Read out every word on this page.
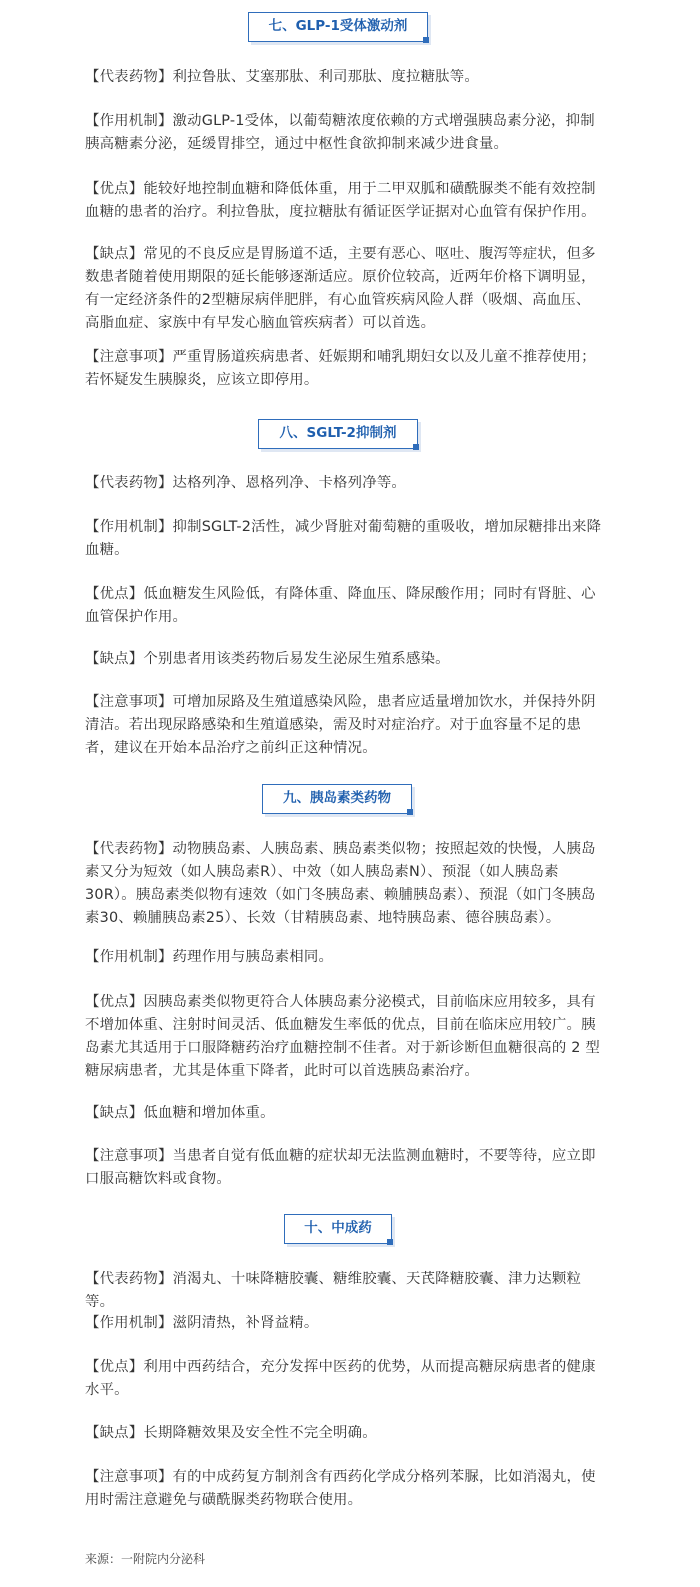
七、GLP-1受体激动剂

【代表药物】利拉鲁肽、艾塞那肽、利司那肽、度拉糖肽等。

【作用机制】激动GLP-1受体，以葡萄糖浓度依赖的方式增强胰岛素分泌，抑制胰高糖素分泌，延缓胃排空，通过中枢性食欲抑制来减少进食量。

【优点】能较好地控制血糖和降低体重，用于二甲双胍和磺酰脲类不能有效控制血糖的患者的治疗。利拉鲁肽，度拉糖肽有循证医学证据对心血管有保护作用。

【缺点】常见的不良反应是胃肠道不适，主要有恶心、呕吐、腹泻等症状，但多数患者随着使用期限的延长能够逐渐适应。原价位较高，近两年价格下调明显，有一定经济条件的2型糖尿病伴肥胖，有心血管疾病风险人群（吸烟、高血压、高脂血症、家族中有早发心脑血管疾病者）可以首选。

【注意事项】严重胃肠道疾病患者、妊娠期和哺乳期妇女以及儿童不推荐使用；若怀疑发生胰腺炎，应该立即停用。

八、SGLT-2抑制剂

【代表药物】达格列净、恩格列净、卡格列净等。

【作用机制】抑制SGLT-2活性，减少肾脏对葡萄糖的重吸收，增加尿糖排出来降血糖。

【优点】低血糖发生风险低，有降体重、降血压、降尿酸作用；同时有肾脏、心血管保护作用。

【缺点】个别患者用该类药物后易发生泌尿生殖系感染。

【注意事项】可增加尿路及生殖道感染风险，患者应适量增加饮水，并保持外阴清洁。若出现尿路感染和生殖道感染，需及时对症治疗。对于血容量不足的患者，建议在开始本品治疗之前纠正这种情况。

九、胰岛素类药物

【代表药物】动物胰岛素、人胰岛素、胰岛素类似物；按照起效的快慢，人胰岛素又分为短效（如人胰岛素R）、中效（如人胰岛素N）、预混（如人胰岛素30R）。胰岛素类似物有速效（如门冬胰岛素、赖脯胰岛素）、预混（如门冬胰岛素30、赖脯胰岛素25）、长效（甘精胰岛素、地特胰岛素、德谷胰岛素）。

【作用机制】药理作用与胰岛素相同。

【优点】因胰岛素类似物更符合人体胰岛素分泌模式，目前临床应用较多，具有不增加体重、注射时间灵活、低血糖发生率低的优点，目前在临床应用较广。胰岛素尤其适用于口服降糖药治疗血糖控制不佳者。对于新诊断但血糖很高的 2 型糖尿病患者，尤其是体重下降者，此时可以首选胰岛素治疗。

【缺点】低血糖和增加体重。

【注意事项】当患者自觉有低血糖的症状却无法监测血糖时，不要等待，应立即口服高糖饮料或食物。

十、中成药

【代表药物】消渴丸、十味降糖胶囊、糖维胶囊、天芪降糖胶囊、津力达颗粒等。

【作用机制】滋阴清热，补肾益精。

【优点】利用中西药结合，充分发挥中医药的优势，从而提高糖尿病患者的健康水平。

【缺点】长期降糖效果及安全性不完全明确。

【注意事项】有的中成药复方制剂含有西药化学成分格列苯脲，比如消渴丸，使用时需注意避免与磺酰脲类药物联合使用。

来源：一附院内分泌科
